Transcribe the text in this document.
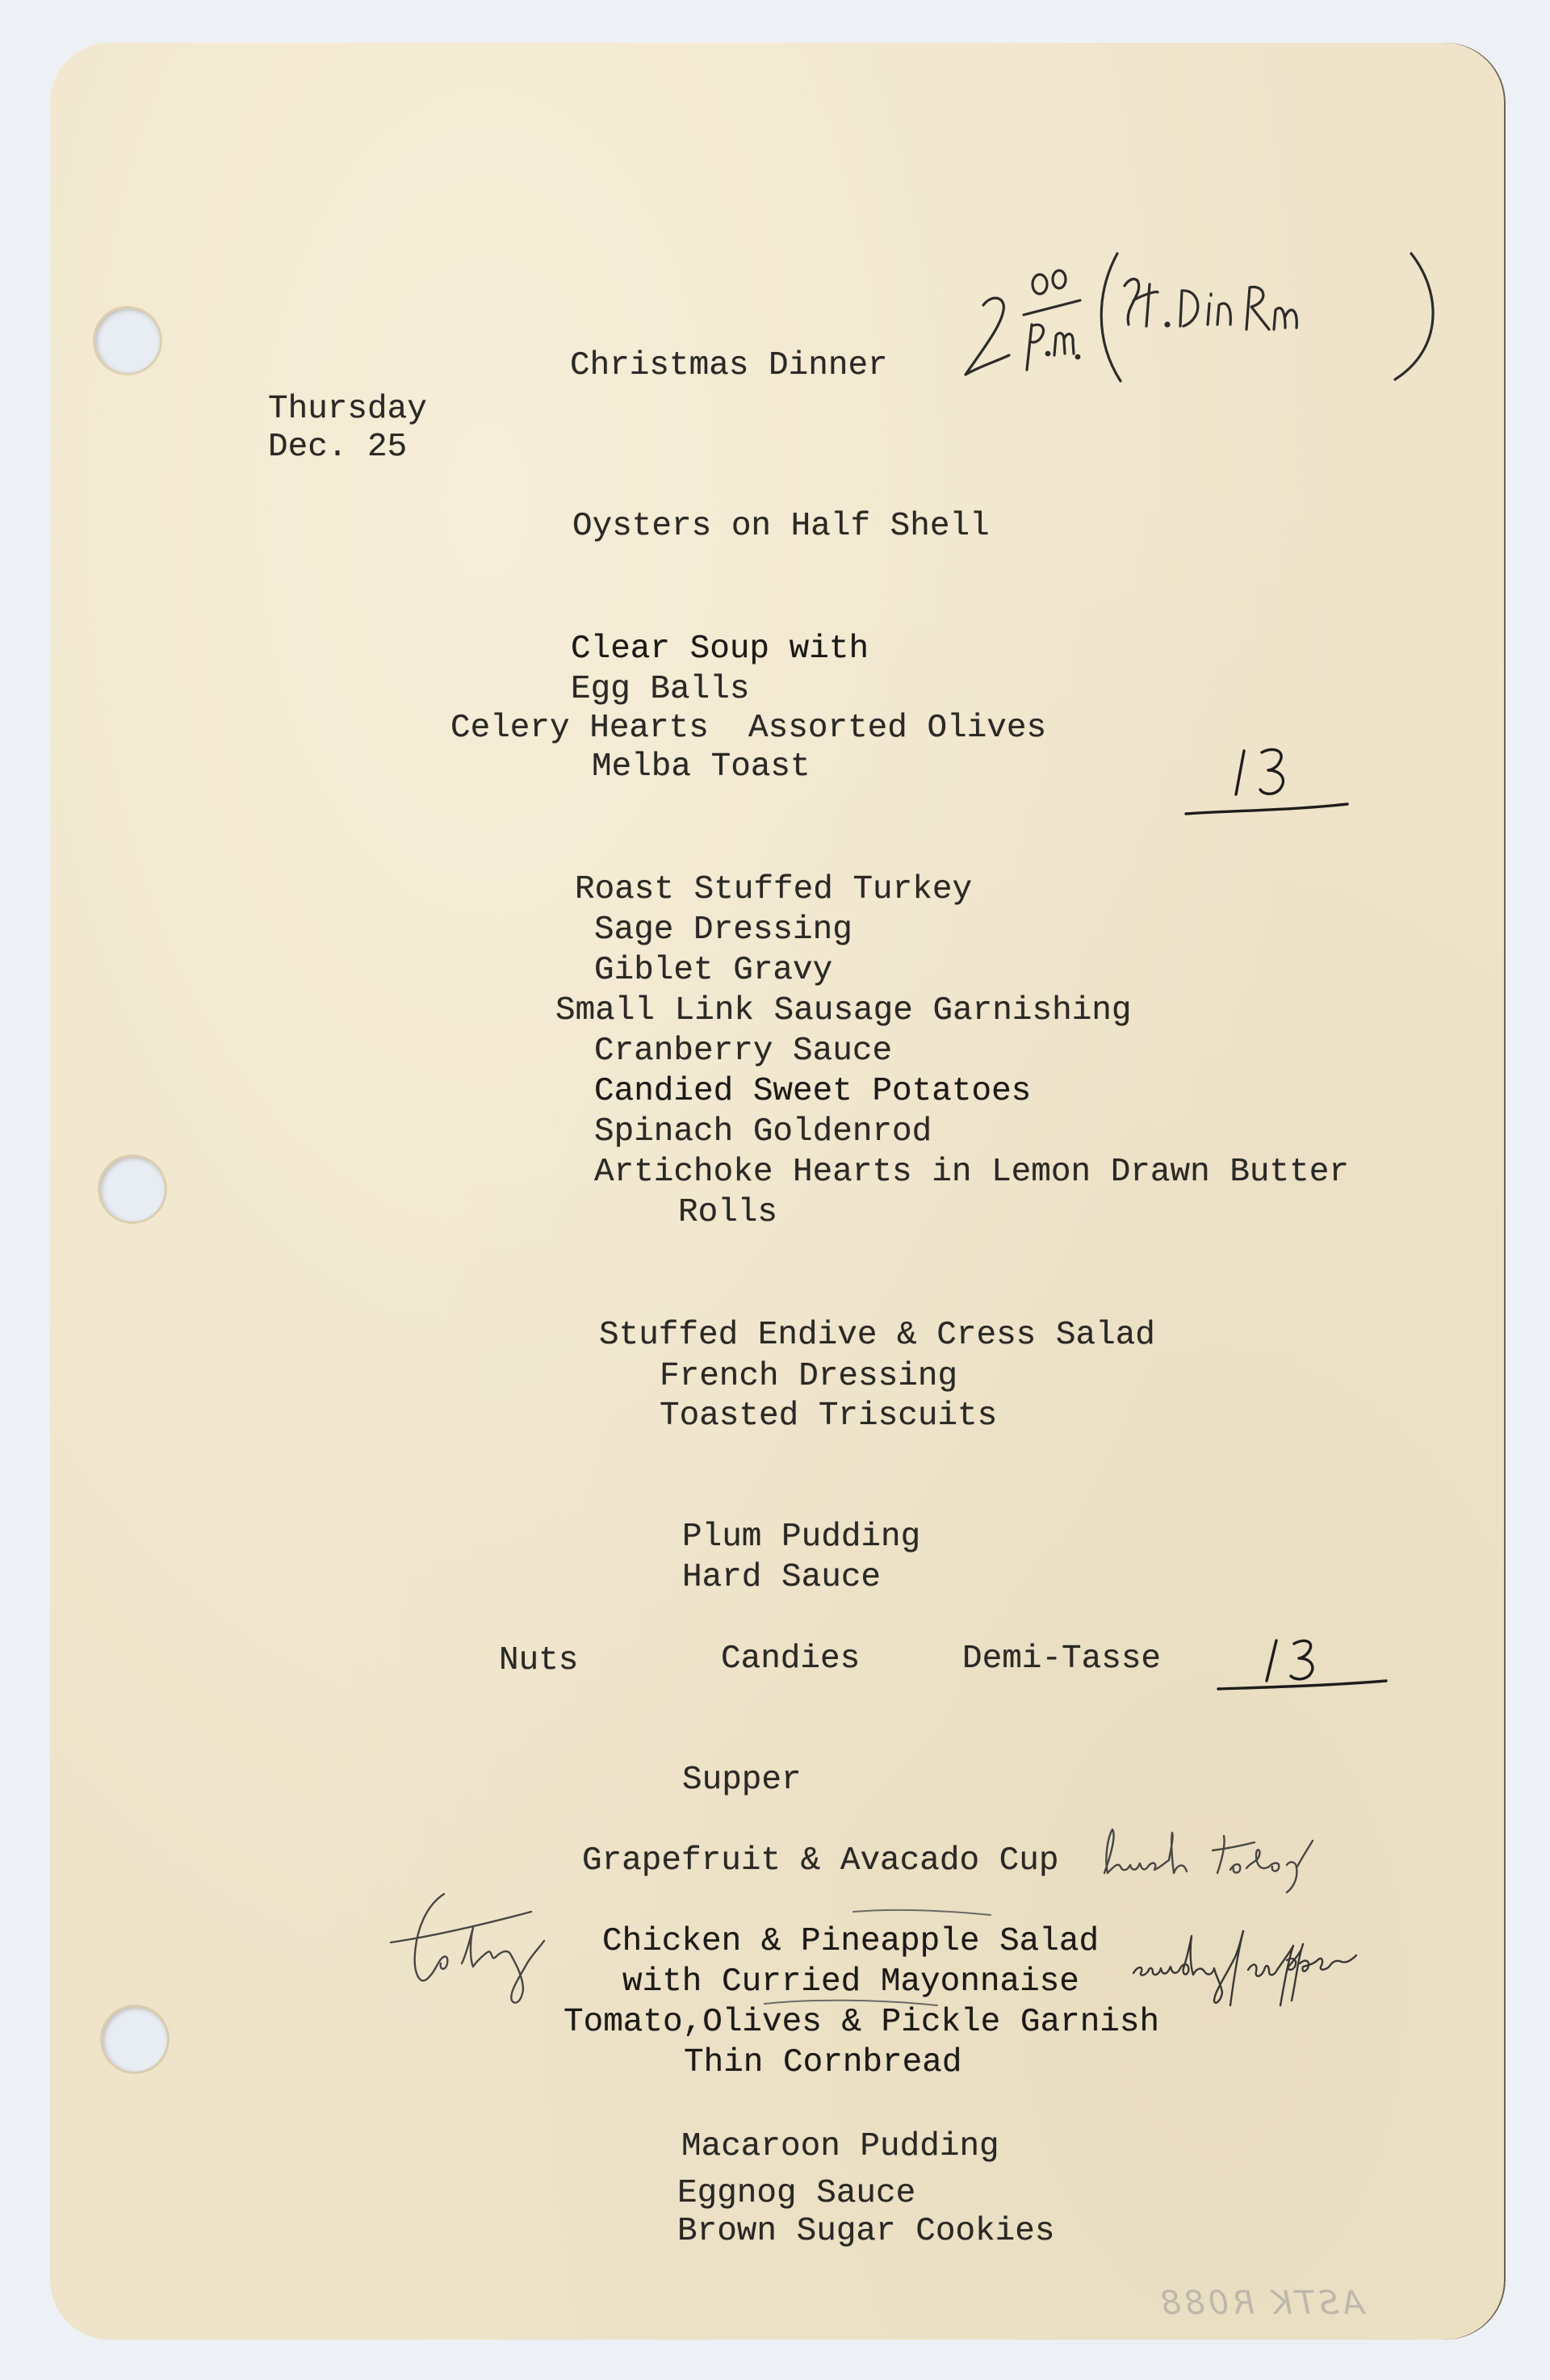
Christmas Dinner

Thursday

Dec. 25

Oysters on Half Shell

Clear Soup with

Egg Balls

Celery Hearts  Assorted Olives

Melba Toast

Roast Stuffed Turkey

Sage Dressing

Giblet Gravy

Small Link Sausage Garnishing

Cranberry Sauce

Candied Sweet Potatoes

Spinach Goldenrod

Artichoke Hearts in Lemon Drawn Butter

Rolls

Stuffed Endive & Cress Salad

French Dressing

Toasted Triscuits

Plum Pudding

Hard Sauce

Nuts	Candies	Demi-Tasse

Supper

Grapefruit & Avacado Cup

Chicken & Pineapple Salad

with Curried Mayonnaise

Tomato,Olives & Pickle Garnish

Thin Cornbread

Macaroon Pudding

Eggnog Sauce

Brown Sugar Cookies

ASTK R088
